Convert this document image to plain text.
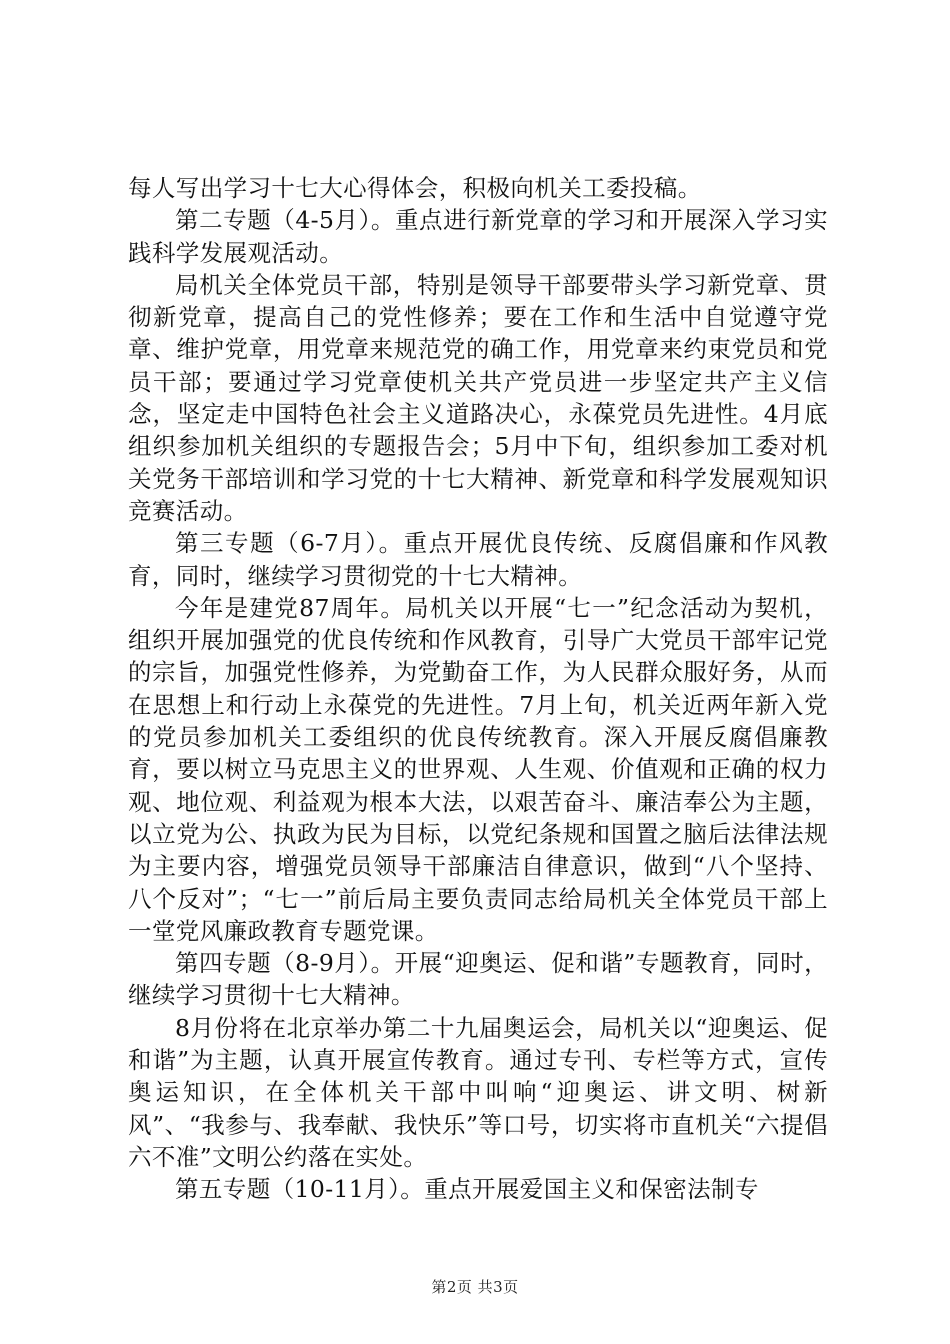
每人写出学习十七大心得体会，积极向机关工委投稿。

第二专题（4-5月）。重点进行新党章的学习和开展深入学习实践科学发展观活动。

局机关全体党员干部，特别是领导干部要带头学习新党章、贯彻新党章，提高自己的党性修养；要在工作和生活中自觉遵守党章、维护党章，用党章来规范党的确工作，用党章来约束党员和党员干部；要通过学习党章使机关共产党员进一步坚定共产主义信念，坚定走中国特色社会主义道路决心，永葆党员先进性。4月底组织参加机关组织的专题报告会；5月中下旬，组织参加工委对机关党务干部培训和学习党的十七大精神、新党章和科学发展观知识竞赛活动。

第三专题（6-7月）。重点开展优良传统、反腐倡廉和作风教育，同时，继续学习贯彻党的十七大精神。

今年是建党87周年。局机关以开展“七一”纪念活动为契机，组织开展加强党的优良传统和作风教育，引导广大党员干部牢记党的宗旨，加强党性修养，为党勤奋工作，为人民群众服好务，从而在思想上和行动上永葆党的先进性。7月上旬，机关近两年新入党的党员参加机关工委组织的优良传统教育。深入开展反腐倡廉教育，要以树立马克思主义的世界观、人生观、价值观和正确的权力观、地位观、利益观为根本大法，以艰苦奋斗、廉洁奉公为主题，以立党为公、执政为民为目标，以党纪条规和国置之脑后法律法规为主要内容，增强党员领导干部廉洁自律意识，做到“八个坚持、八个反对”；“七一”前后局主要负责同志给局机关全体党员干部上一堂党风廉政教育专题党课。

第四专题（8-9月）。开展“迎奥运、促和谐”专题教育，同时，继续学习贯彻十七大精神。

8月份将在北京举办第二十九届奥运会，局机关以“迎奥运、促和谐”为主题，认真开展宣传教育。通过专刊、专栏等方式，宣传奥运知识，在全体机关干部中叫响“迎奥运、讲文明、树新风”、“我参与、我奉献、我快乐”等口号，切实将市直机关“六提倡六不准”文明公约落在实处。

第五专题（10-11月）。重点开展爱国主义和保密法制专

第2页 共3页
